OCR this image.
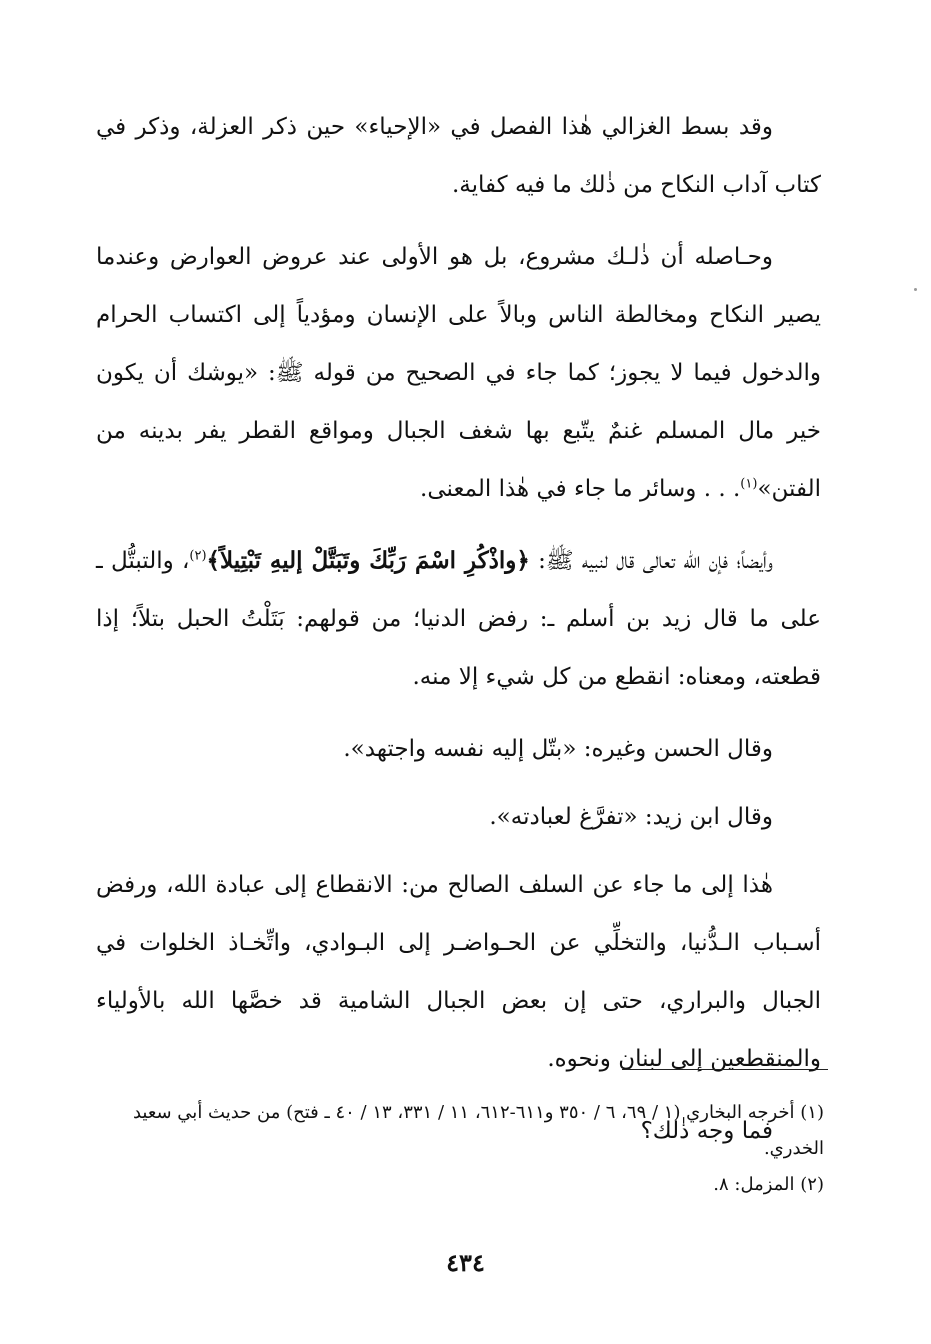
وقد بسط الغزالي هٰذا الفصل في «الإحياء» حين ذكر العزلة، وذكر في كتاب آداب النكاح من ذٰلك ما فيه كفاية.

وحـاصله أن ذٰلـك مشروع، بل هو الأولى عند عروض العوارض وعندما يصير النكاح ومخالطة الناس وبالاً على الإنسان ومؤدياً إلى اكتساب الحرام والدخول فيما لا يجوز؛ كما جاء في الصحيح من قوله ﷺ: «يوشك أن يكون خير مال المسلم غنمٌ يتّبع بها شغف الجبال ومواقع القطر يفر بدينه من الفتن»$^{(١)}$. . . وسائر ما جاء في هٰذا المعنى.

وأيضاً؛ فإن الله تعالى قال لنبيه ﷺ: ﴿واذْكُرِ اسْمَ رَبِّكَ وتَبَتَّلْ إليهِ تَبْتِيلاً﴾$^{(٢)}$، والتبتُّل ـ على ما قال زيد بن أسلم ـ: رفض الدنيا؛ من قولهم: بَتَلْتُ الحبل بتلاً؛ إذا قطعته، ومعناه: انقطع من كل شيء إلا منه.

وقال الحسن وغيره: «بتّل إليه نفسه واجتهد».

وقال ابن زيد: «تفرَّغ لعبادته».

هٰذا إلى ما جاء عن السلف الصالح من: الانقطاع إلى عبادة الله، ورفض أسـباب الـدُّنيا، والتخلِّي عن الحـواضـر إلى البـوادي، واتِّخـاذ الخلوات في الجبال والبراري، حتى إن بعض الجبال الشامية قد خصَّها الله بالأولياء والمنقطعين إلى لبنان ونحوه.

فما وجه ذٰلك؟

(١) أخرجه البخاري (١ / ٦٩، ٦ / ٣٥٠ و٦١١-٦١٢، ١١ / ٣٣١، ١٣ / ٤٠ ـ فتح) من حديث أبي سعيد الخدري.

(٢) المزمل: ٨.

٤٣٤
